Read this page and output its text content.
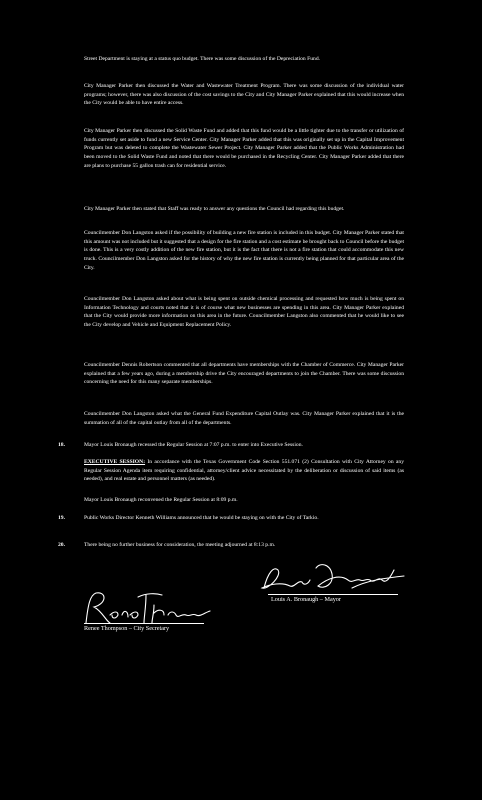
Street Department is staying at a status quo budget. There was some discussion of the Depreciation Fund.

City Manager Parker then discussed the Water and Wastewater Treatment Program. There was some discussion of the individual water programs; however, there was also discussion of the cost savings to the City and City Manager Parker explained that this would increase when the City would be able to have entire access.

City Manager Parker then discussed the Solid Waste Fund and added that this fund would be a little tighter due to the transfer or utilization of funds currently set aside to fund a new Service Center. City Manager Parker added that this was originally set up in the Capital Improvement Program but was deleted to complete the Wastewater Sewer Project. City Manager Parker added that the Public Works Administration had been moved to the Solid Waste Fund and noted that there would be purchased in the Recycling Center. City Manager Parker added that there are plans to purchase 55 gallon trash can for residential service.

City Manager Parker then stated that Staff was ready to answer any questions the Council had regarding this budget.

Councilmember Don Langston asked if the possibility of building a new fire station is included in this budget. City Manager Parker stated that this amount was not included but it suggested that a design for the fire station and a cost estimate be brought back to Council before the budget is done. This is a very costly addition of the new fire station, but it is the fact that there is not a fire station that could accommodate this new truck. Councilmember Don Langston asked for the history of why the new fire station is currently being planned for that particular area of the City.

Councilmember Don Langston asked about what is being spent on outside chemical processing and requested how much is being spent on Information Technology and courts noted that it is of course what new businesses are spending in this area. City Manager Parker explained that the City would provide more information on this area in the future. Councilmember Langston also commented that he would like to see the City develop and Vehicle and Equipment Replacement Policy.

Councilmember Dennis Robertson commented that all departments have memberships with the Chamber of Commerce. City Manager Parker explained that a few years ago, during a membership drive the City encouraged departments to join the Chamber. There was some discussion concerning the need for this many separate memberships.

Councilmember Don Langston asked what the General Fund Expenditure Capital Outlay was. City Manager Parker explained that it is the summation of all of the capital outlay from all of the departments.

18.	Mayor Louis Bronaugh recessed the Regular Session at 7:07 p.m. to enter into Executive Session.

EXECUTIVE SESSION: In accordance with the Texas Government Code Section 551.071 (2) Consultation with City Attorney on any Regular Session Agenda item requiring confidential, attorney/client advice necessitated by the deliberation or discussion of said items (as needed), and real estate and personnel matters (as needed).

Mayor Louis Bronaugh reconvened the Regular Session at 8:09 p.m.

19.	Public Works Director Kenneth Williams announced that he would be staying on with the City of Tarkio.

20.	There being no further business for consideration, the meeting adjourned at 8:13 p.m.

Louis A. Bronaugh – Mayor
Renee Thompson – City Secretary
